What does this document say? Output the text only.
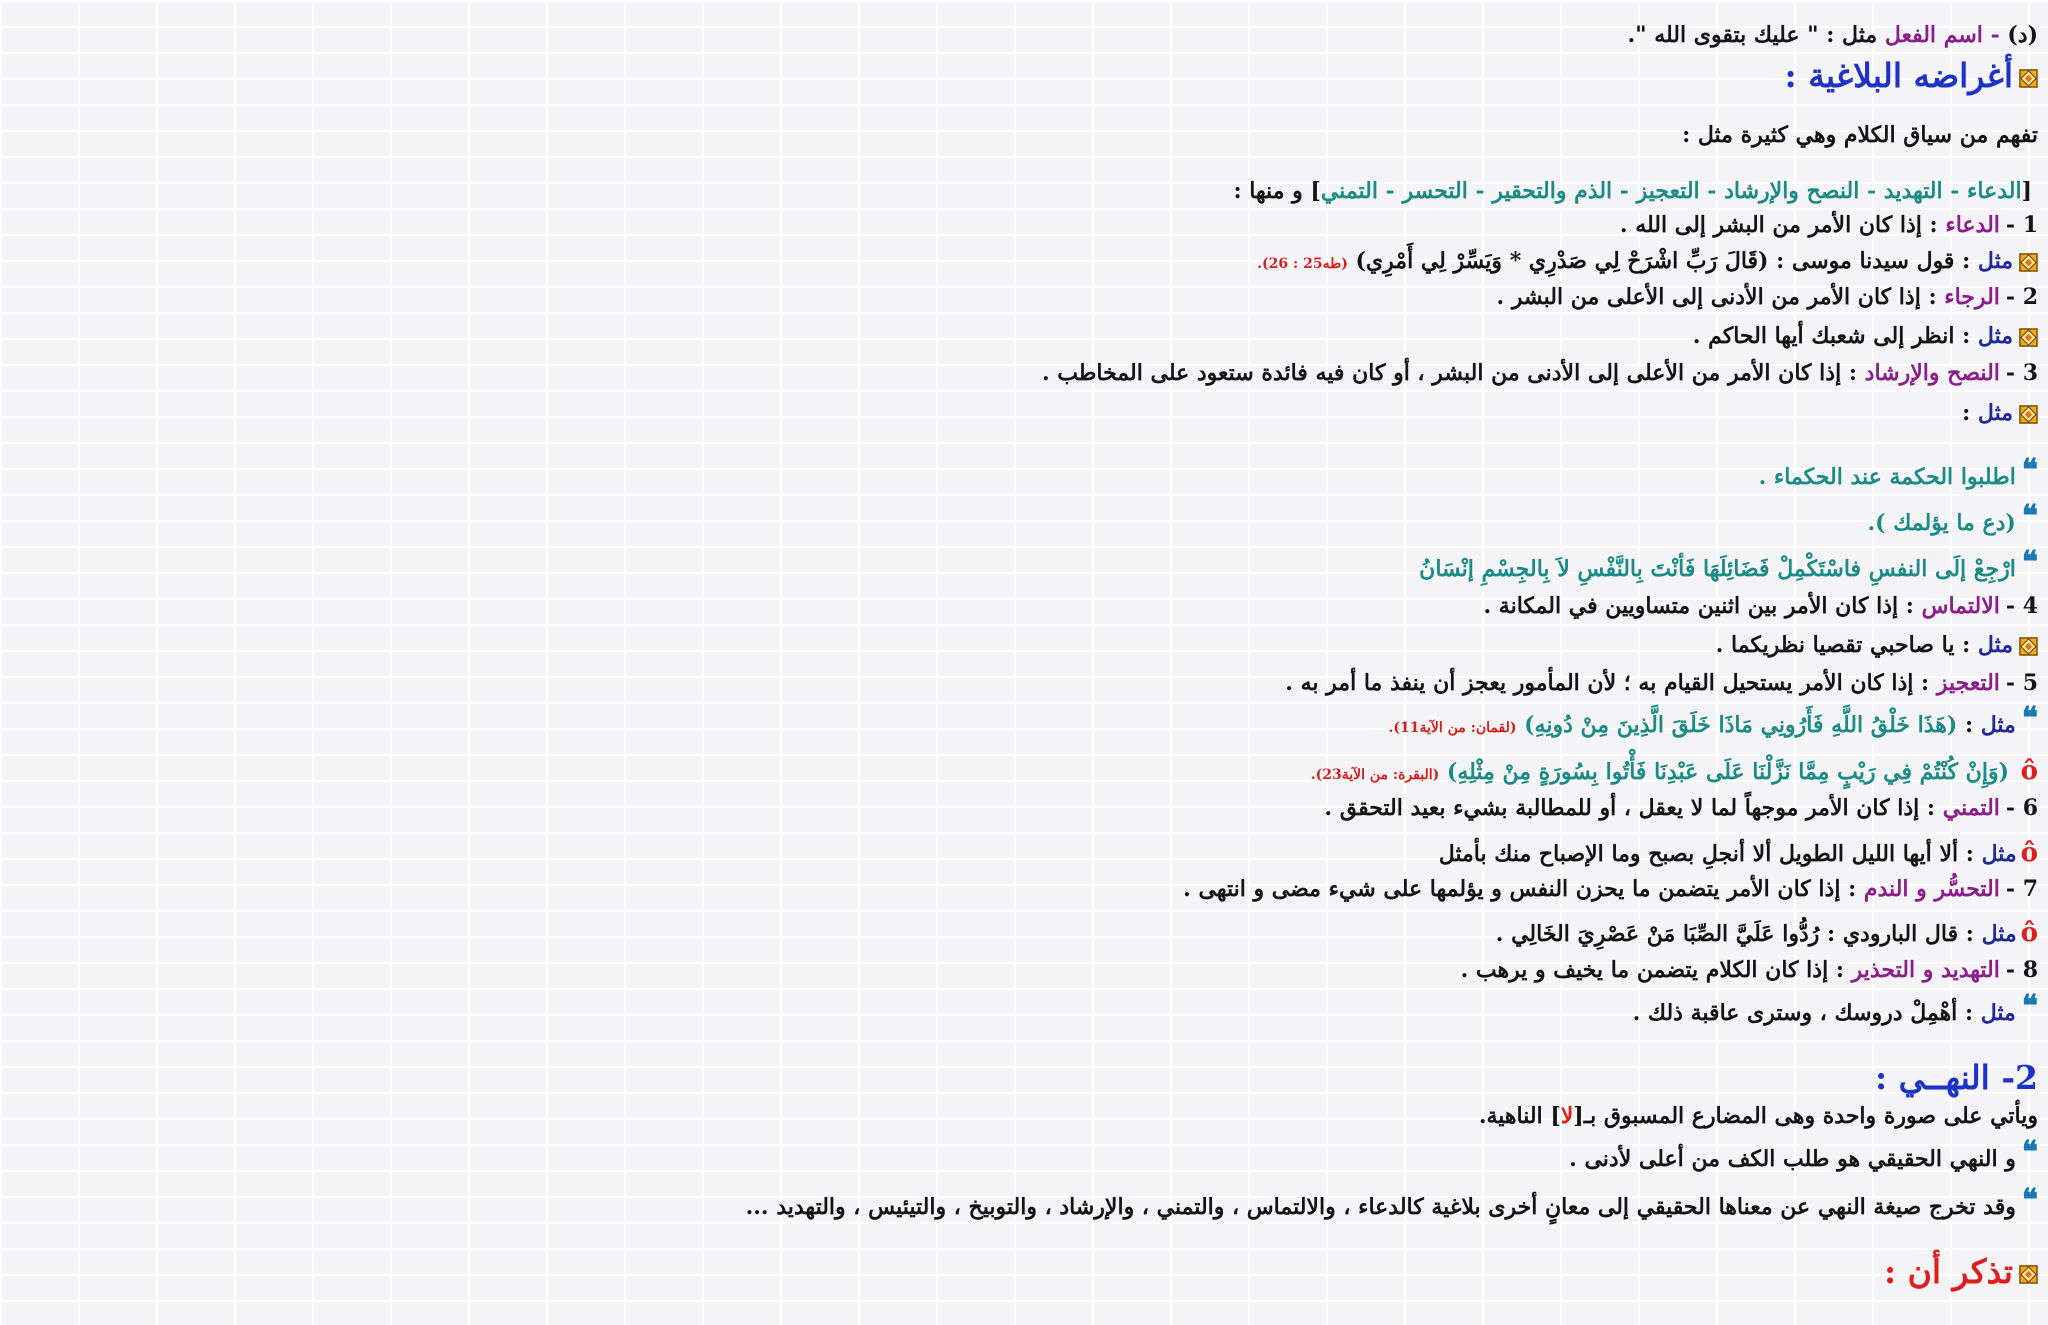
(د) - اسم الفعل مثل : " عليك بتقوى الله ".
أغراضه البلاغية :
تفهم من سياق الكلام وهي كثيرة مثل :
[الدعاء - التهديد - النصح والإرشاد - التعجيز - الذم والتحقير - التحسر - التمني] و منها :
1 -الدعاء : إذا كان الأمر من البشر إلى الله .
مثل : قول سيدنا موسى : (قَالَ رَبِّ اشْرَحْ لِي صَدْرِي * وَيَسِّرْ لِي أَمْرِي) (طه25 : 26).
2 -الرجاء : إذا كان الأمر من الأدنى إلى الأعلى من البشر .
مثل : انظر إلى شعبك أيها الحاكم .
3 -النصح والإرشاد : إذا كان الأمر من الأعلى إلى الأدنى من البشر ، أو كان فيه فائدة ستعود على المخاطب .
مثل :
❝اطلبوا الحكمة عند الحكماء .
❝(دع ما يؤلمك ).
❝ارْجِعْ إلَى النفسِ فاسْتَكْمِلْ فَضَائِلَهَا فَأنْتَ بِالنَّفْسِ لاَ بِالجِسْمِ إنْسَانُ
4 -الالتماس : إذا كان الأمر بين اثنين متساويين في المكانة .
مثل : يا صاحبي تقصيا نظريكما .
5 -التعجيز : إذا كان الأمر يستحيل القيام به ؛ لأن المأمور يعجز أن ينفذ ما أمر به .
❝مثل : (هَذَا خَلْقُ اللَّهِ فَأَرُونِي مَاذَا خَلَقَ الَّذِينَ مِنْ دُونِهِ) (لقمان: من الآية11).
ô (وَإِنْ كُنْتُمْ فِي رَيْبٍ مِمَّا نَزَّلْنَا عَلَى عَبْدِنَا فَأْتُوا بِسُورَةٍ مِنْ مِثْلِهِ) (البقرة: من الآية23).
6 -التمني : إذا كان الأمر موجهاً لما لا يعقل ، أو للمطالبة بشيء بعيد التحقق .
ôمثل : ألا أيها الليل الطويل ألا أنجلِ بصبح وما الإصباح منك بأمثل
7 -التحسُّر و الندم : إذا كان الأمر يتضمن ما يحزن النفس و يؤلمها على شيء مضى و انتهى .
ôمثل : قال البارودي : رُدُّوا عَلَيَّ الصِّبَا مَنْ عَصْرِيَ الخَالِي .
8 -التهديد و التحذير : إذا كان الكلام يتضمن ما يخيف و يرهب .
❝مثل : أهْمِلْ دروسك ، وسترى عاقبة ذلك .
2- النهــي :
ويأتي على صورة واحدة وهى المضارع المسبوق بـ[لا] الناهية.
❝و النهي الحقيقي هو طلب الكف من أعلى لأدنى .
❝وقد تخرج صيغة النهي عن معناها الحقيقي إلى معانٍ أخرى بلاغية كالدعاء ، والالتماس ، والتمني ، والإرشاد ، والتوبيخ ، والتيئيس ، والتهديد ...
تذكر أن :
